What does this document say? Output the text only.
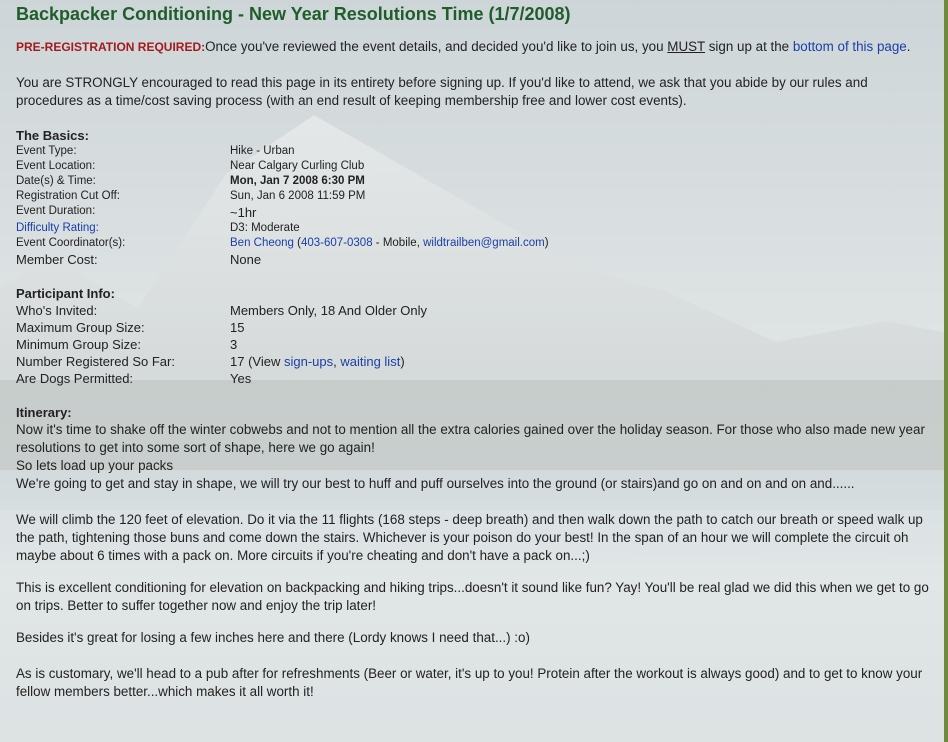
Backpacker Conditioning - New Year Resolutions Time (1/7/2008)

PRE-REGISTRATION REQUIRED:Once you've reviewed the event details, and decided you'd like to join us, you MUST sign up at the bottom of this page.

You are STRONGLY encouraged to read this page in its entirety before signing up. If you'd like to attend, we ask that you abide by our rules and procedures as a time/cost saving process (with an end result of keeping membership free and lower cost events).

The Basics:
Event Type:	Hike - Urban
Event Location:	Near Calgary Curling Club
Date(s) & Time:	Mon, Jan 7 2008 6:30 PM
Registration Cut Off:	Sun, Jan 6 2008 11:59 PM
Event Duration:	~1hr
Difficulty Rating:	D3: Moderate
Event Coordinator(s):	Ben Cheong (403-607-0308 - Mobile, wildtrailben@gmail.com)
Member Cost:	None
Participant Info:
Who's Invited:	Members Only, 18 And Older Only
Maximum Group Size:	15
Minimum Group Size:	3
Number Registered So Far:	17 (View sign-ups, waiting list)
Are Dogs Permitted:	Yes
Itinerary:

Now it's time to shake off the winter cobwebs and not to mention all the extra calories gained over the holiday season. For those who also made new year resolutions to get into some sort of shape, here we go again!

So lets load up your packs

We're going to get and stay in shape, we will try our best to huff and puff ourselves into the ground (or stairs)and go on and on and on and......

We will climb the 120 feet of elevation. Do it via the 11 flights (168 steps - deep breath) and then walk down the path to catch our breath or speed walk up the path, tightening those buns and come down the stairs. Whichever is your poison do your best! In the span of an hour we will complete the circuit oh maybe about 6 times with a pack on. More circuits if you're cheating and don't have a pack on...;)

This is excellent conditioning for elevation on backpacking and hiking trips...doesn't it sound like fun? Yay! You'll be real glad we did this when we get to go on trips. Better to suffer together now and enjoy the trip later!

Besides it's great for losing a few inches here and there (Lordy knows I need that...) :o)

As is customary, we'll head to a pub after for refreshments (Beer or water, it's up to you! Protein after the workout is always good) and to get to know your fellow members better...which makes it all worth it!
